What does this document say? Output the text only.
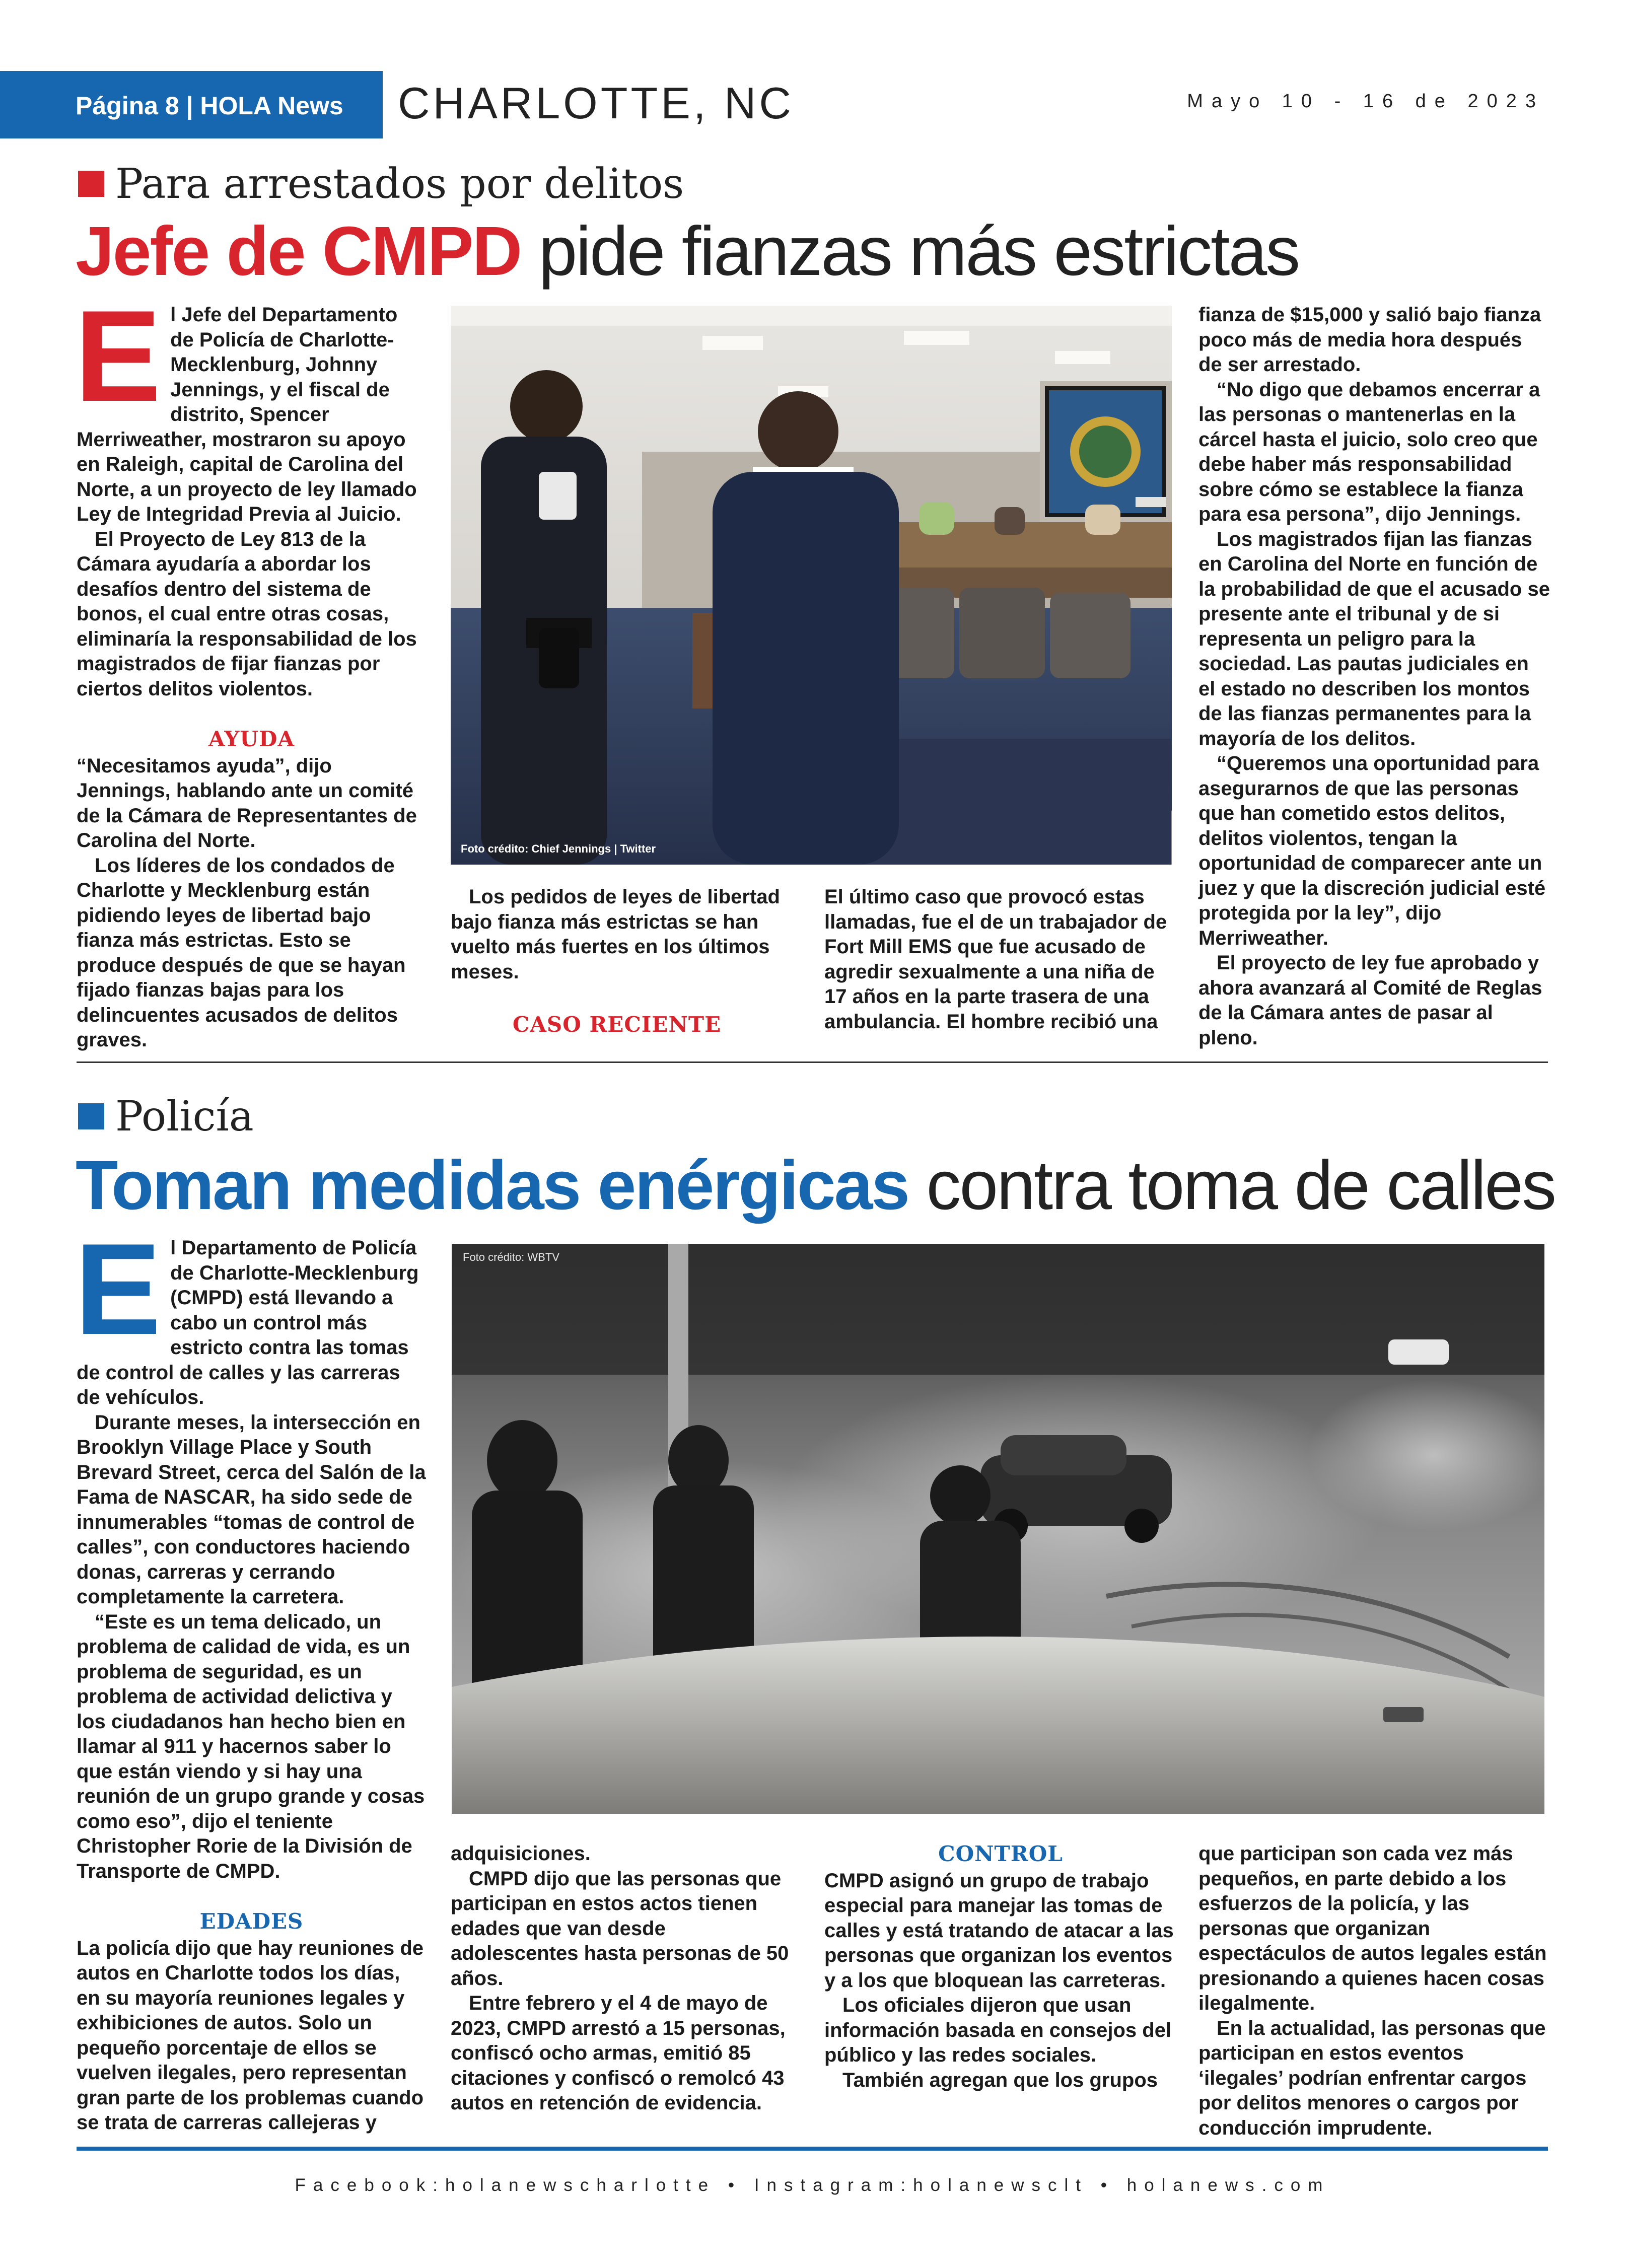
Página 8 | HOLA News CHARLOTTE, NC	Mayo 10 - 16 de 2023
Para arrestados por delitos
Jefe de CMPD pide fianzas más estrictas

El Jefe del Departamento de Policía de Charlotte-Mecklenburg, Johnny Jennings, y el fiscal de distrito, Spencer Merriweather, mostraron su apoyo en Raleigh, capital de Carolina del Norte, a un proyecto de ley llamado Ley de Integridad Previa al Juicio.

El Proyecto de Ley 813 de la Cámara ayudaría a abordar los desafíos dentro del sistema de bonos, el cual entre otras cosas, eliminaría la responsabilidad de los magistrados de fijar fianzas por ciertos delitos violentos.

AYUDA

“Necesitamos ayuda”, dijo Jennings, hablando ante un comité de la Cámara de Representantes de Carolina del Norte.

Los líderes de los condados de Charlotte y Mecklenburg están pidiendo leyes de libertad bajo fianza más estrictas. Esto se produce después de que se hayan fijado fianzas bajas para los delincuentes acusados de delitos graves.

Foto crédito: Chief Jennings | Twitter

Los pedidos de leyes de libertad bajo fianza más estrictas se han vuelto más fuertes en los últimos meses.

CASO RECIENTE

El último caso que provocó estas llamadas, fue el de un trabajador de Fort Mill EMS que fue acusado de agredir sexualmente a una niña de 17 años en la parte trasera de una ambulancia. El hombre recibió una

fianza de $15,000 y salió bajo fianza poco más de media hora después de ser arrestado.

“No digo que debamos encerrar a las personas o mantenerlas en la cárcel hasta el juicio, solo creo que debe haber más responsabilidad sobre cómo se establece la fianza para esa persona”, dijo Jennings.

Los magistrados fijan las fianzas en Carolina del Norte en función de la probabilidad de que el acusado se presente ante el tribunal y de si representa un peligro para la sociedad. Las pautas judiciales en el estado no describen los montos de las fianzas permanentes para la mayoría de los delitos.

“Queremos una oportunidad para asegurarnos de que las personas que han cometido estos delitos, delitos violentos, tengan la oportunidad de comparecer ante un juez y que la discreción judicial esté protegida por la ley”, dijo Merriweather.

El proyecto de ley fue aprobado y ahora avanzará al Comité de Reglas de la Cámara antes de pasar al pleno.

Policía
Toman medidas enérgicas contra toma de calles

El Departamento de Policía de Charlotte-Mecklenburg (CMPD) está llevando a cabo un control más estricto contra las tomas de control de calles y las carreras de vehículos.

Durante meses, la intersección en Brooklyn Village Place y South Brevard Street, cerca del Salón de la Fama de NASCAR, ha sido sede de innumerables “tomas de control de calles”, con conductores haciendo donas, carreras y cerrando completamente la carretera.

“Este es un tema delicado, un problema de calidad de vida, es un problema de seguridad, es un problema de actividad delictiva y los ciudadanos han hecho bien en llamar al 911 y hacernos saber lo que están viendo y si hay una reunión de un grupo grande y cosas como eso”, dijo el teniente Christopher Rorie de la División de Transporte de CMPD.

EDADES

La policía dijo que hay reuniones de autos en Charlotte todos los días, en su mayoría reuniones legales y exhibiciones de autos. Solo un pequeño porcentaje de ellos se vuelven ilegales, pero representan gran parte de los problemas cuando se trata de carreras callejeras y

Foto crédito: WBTV

adquisiciones.

CMPD dijo que las personas que participan en estos actos tienen edades que van desde adolescentes hasta personas de 50 años.

Entre febrero y el 4 de mayo de 2023, CMPD arrestó a 15 personas, confiscó ocho armas, emitió 85 citaciones y confiscó o remolcó 43 autos en retención de evidencia.

CONTROL

CMPD asignó un grupo de trabajo especial para manejar las tomas de calles y está tratando de atacar a las personas que organizan los eventos y a los que bloquean las carreteras.

Los oficiales dijeron que usan información basada en consejos del público y las redes sociales.

También agregan que los grupos

que participan son cada vez más pequeños, en parte debido a los esfuerzos de la policía, y las personas que organizan espectáculos de autos legales están presionando a quienes hacen cosas ilegalmente.

En la actualidad, las personas que participan en estos eventos ‘ilegales’ podrían enfrentar cargos por delitos menores o cargos por conducción imprudente.

Facebook:holanewscharlotte • Instagram:holanewsclt • holanews.com
